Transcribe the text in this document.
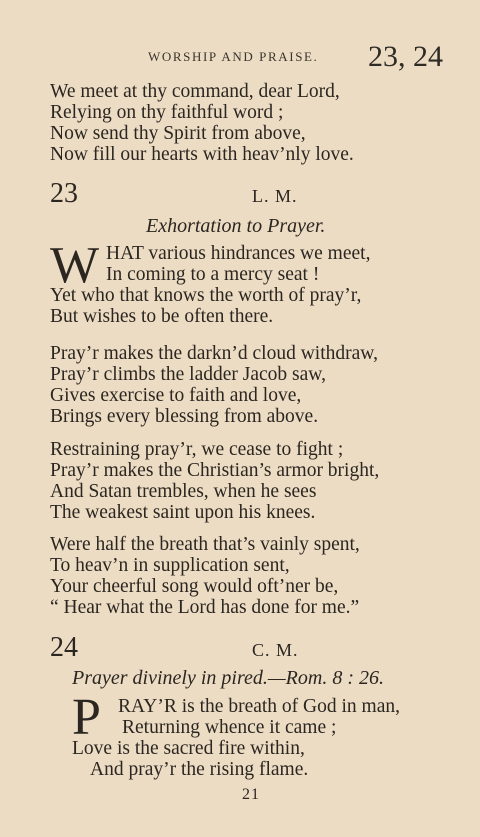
WORSHIP AND PRAISE. 23, 24
We meet at thy command, dear Lord,
Relying on thy faithful word ;
Now send thy Spirit from above,
Now fill our hearts with heav’nly love.
23	L. M.
Exhortation to Prayer.
W HAT various hindrances we meet,
In coming to a mercy seat !
Yet who that knows the worth of pray’r,
But wishes to be often there.
Pray’r makes the darkn’d cloud withdraw,
Pray’r climbs the ladder Jacob saw,
Gives exercise to faith and love,
Brings every blessing from above.
Restraining pray’r, we cease to fight ;
Pray’r makes the Christian’s armor bright,
And Satan trembles, when he sees
The weakest saint upon his knees.
Were half the breath that’s vainly spent,
To heav’n in supplication sent,
Your cheerful song would oft’ner be,
“ Hear what the Lord has done for me.”
24	C. M.
Prayer divinely in pired.—Rom. 8 : 26.
P RAY’R is the breath of God in man,
Returning whence it came ;
Love is the sacred fire within,
And pray’r the rising flame.
21
